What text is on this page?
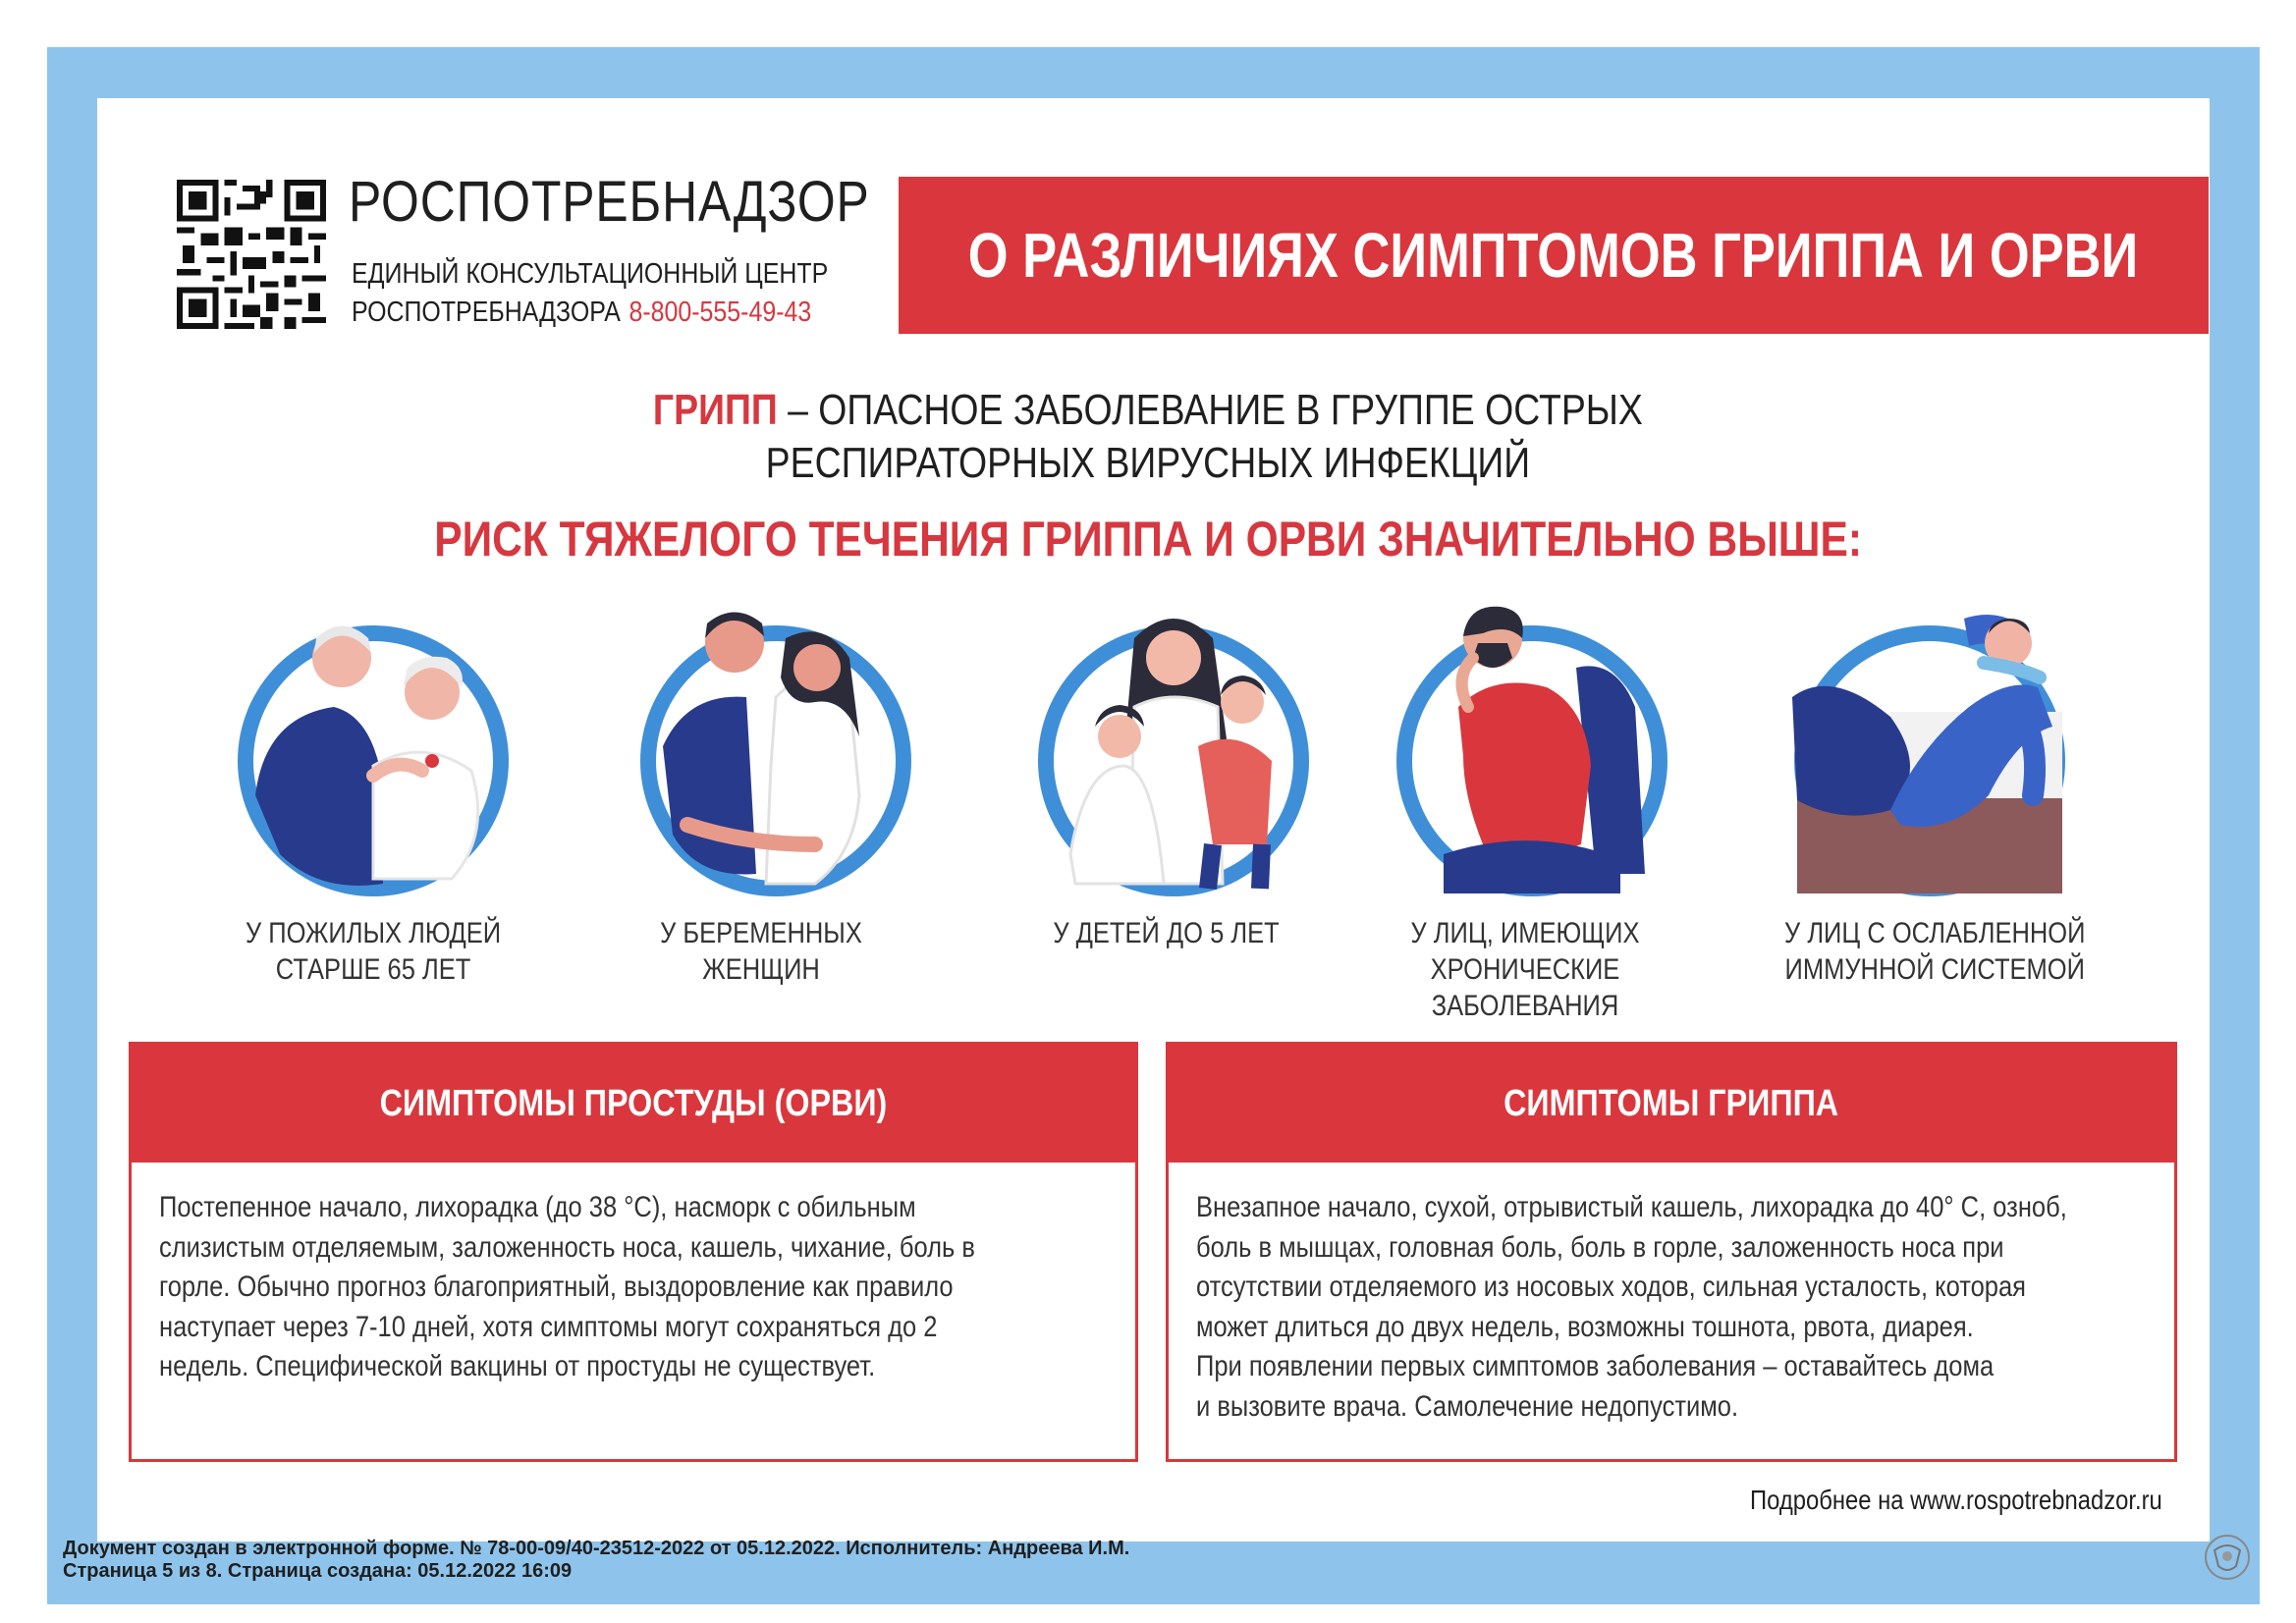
РОСПОТРЕБНАДЗОР
ЕДИНЫЙ КОНСУЛЬТАЦИОННЫЙ ЦЕНТР
РОСПОТРЕБНАДЗОРА 8-800-555-49-43
О РАЗЛИЧИЯХ СИМПТОМОВ ГРИППА И ОРВИ
ГРИПП – ОПАСНОЕ ЗАБОЛЕВАНИЕ В ГРУППЕ ОСТРЫХ
РЕСПИРАТОРНЫХ ВИРУСНЫХ ИНФЕКЦИЙ
РИСК ТЯЖЕЛОГО ТЕЧЕНИЯ ГРИППА И ОРВИ ЗНАЧИТЕЛЬНО ВЫШЕ:
У ПОЖИЛЫХ ЛЮДЕЙ
СТАРШЕ 65 ЛЕТ
У БЕРЕМЕННЫХ
ЖЕНЩИН
У ДЕТЕЙ ДО 5 ЛЕТ	У ЛИЦ, ИМЕЮЩИХ
ХРОНИЧЕСКИЕ ЗАБОЛЕВАНИЯ
У ЛИЦ С ОСЛАБЛЕННОЙ
ИММУННОЙ СИСТЕМОЙ
СИМПТОМЫ ПРОСТУДЫ (ОРВИ)
Постепенное начало, лихорадка (до 38 °С), насморк с обильным
слизистым отделяемым, заложенность носа, кашель, чихание, боль в
горле. Обычно прогноз благоприятный, выздоровление как правило
наступает через 7-10 дней, хотя симптомы могут сохраняться до 2
недель. Специфической вакцины от простуды не существует.
СИМПТОМЫ ГРИППА
Внезапное начало, сухой, отрывистый кашель, лихорадка до 40° С, озноб,
боль в мышцах, головная боль, боль в горле, заложенность носа при
отсутствии отделяемого из носовых ходов, сильная усталость, которая
может длиться до двух недель, возможны тошнота, рвота, диарея.
При появлении первых симптомов заболевания – оставайтесь дома
и вызовите врача. Самолечение недопустимо.
Подробнее на www.rospotrebnadzor.ru
Документ создан в электронной форме. № 78-00-09/40-23512-2022 от 05.12.2022. Исполнитель: Андреева И.М.
Страница 5 из 8. Страница создана: 05.12.2022 16:09
